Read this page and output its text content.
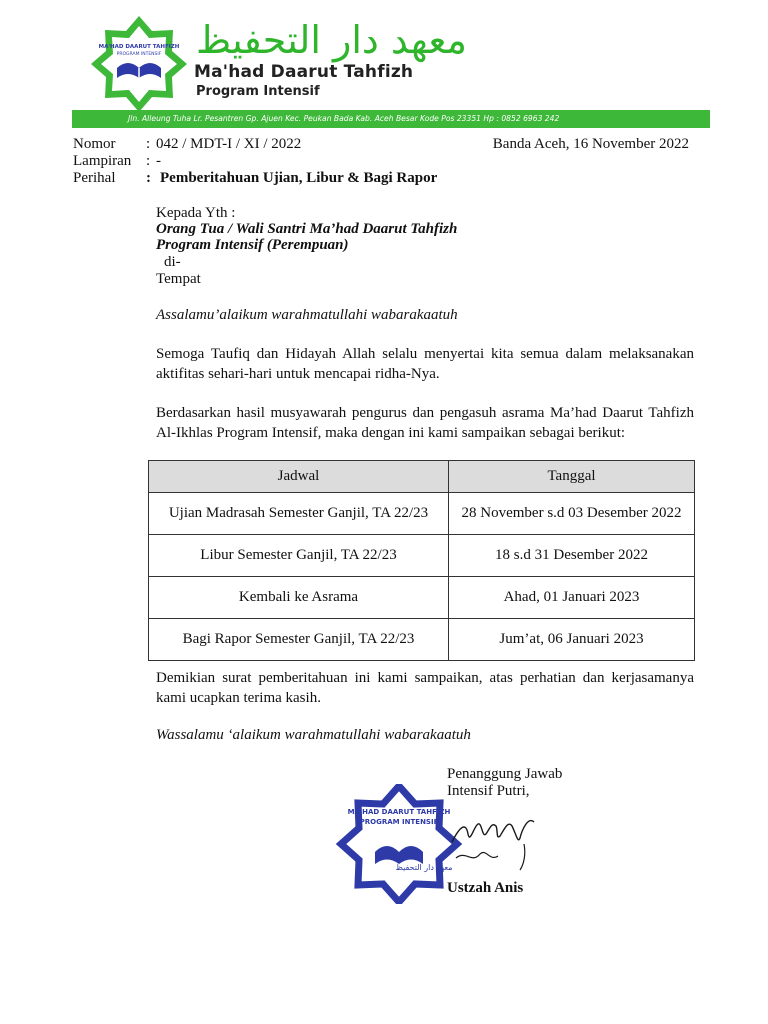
MA'HAD DAARUT TAHFIZH
PROGRAM INTENSIF معهد دار التحفيظ
Ma'had Daarut Tahfizh
Program Intensif
Jln. Alleung Tuha Lr. Pesantren Gp. Ajuen Kec. Peukan Bada Kab. Aceh Besar Kode Pos 23351 Hp : 0852 6963 242
Nomor : 042 / MDT-I / XI / 2022	Banda Aceh, 16 November 2022
Lampiran : -
Perihal : Pemberitahuan Ujian, Libur & Bagi Rapor
Kepada Yth :
Orang Tua / Wali Santri Ma’had Daarut Tahfizh
Program Intensif (Perempuan)
di-
Tempat
Assalamu’alaikum warahmatullahi wabarakaatuh
Semoga Taufiq dan Hidayah Allah selalu menyertai kita semua dalam melaksanakan aktifitas sehari-hari untuk mencapai ridha-Nya.
Berdasarkan hasil musyawarah pengurus dan pengasuh asrama Ma’had Daarut Tahfizh Al-Ikhlas Program Intensif, maka dengan ini kami sampaikan sebagai berikut:
Jadwal	Tanggal
Ujian Madrasah Semester Ganjil, TA 22/23	28 November s.d 03 Desember 2022
Libur Semester Ganjil, TA 22/23	18 s.d 31 Desember 2022
Kembali ke Asrama	Ahad, 01 Januari 2023
Bagi Rapor Semester Ganjil, TA 22/23	Jum’at, 06 Januari 2023
Demikian surat pemberitahuan ini kami sampaikan, atas perhatian dan kerjasamanya kami ucapkan terima kasih.
Wassalamu ‘alaikum warahmatullahi wabarakaatuh
Penanggung Jawab
Intensif Putri,
MA'HAD DAARUT TAHFIZH
PROGRAM INTENSIF
معهد دار التحفيظ
Ustzah Anis
